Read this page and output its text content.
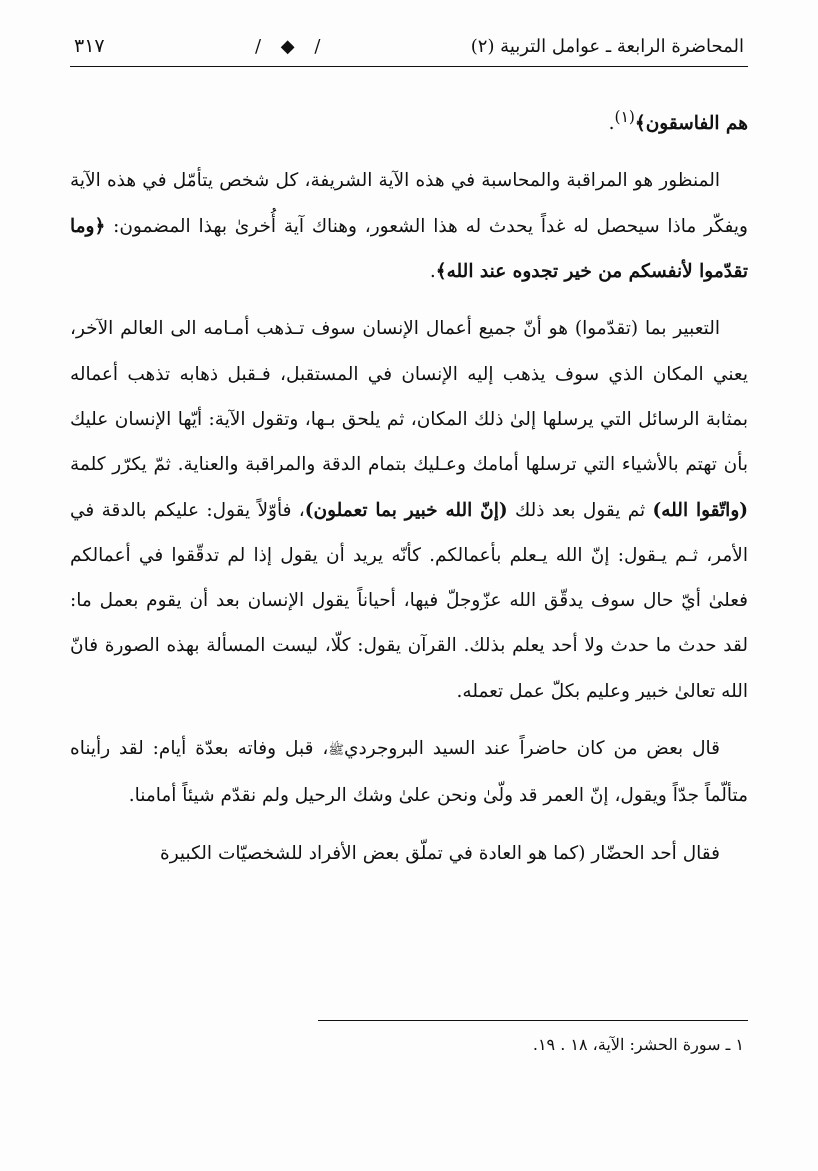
المحاضرة الرابعة ـ عوامل التربية (٢)
/ ◆ /
٣١٧

هم الفاسقون﴾$^{(١)}$.

المنظور هو المراقبة والمحاسبة في هذه الآية الشريفة، كل شخص يتأمّل في هذه الآية ويفكّر ماذا سيحصل له غداً يحدث له هذا الشعور، وهناك آية أُخرىٰ بهذا المضمون: ﴿وما تقدّموا لأنفسكم من خير تجدوه عند الله﴾.

التعبير بما (تقدّموا) هو أنّ جميع أعمال الإنسان سوف تـذهب أمـامه الى العالم الآخر، يعني المكان الذي سوف يذهب إليه الإنسان في المستقبل، فـقبل ذهابه تذهب أعماله بمثابة الرسائل التي يرسلها إلىٰ ذلك المكان، ثم يلحق بـها، وتقول الآية: أيّها الإنسان عليك بأن تهتم بالأشياء التي ترسلها أمامك وعـليك بتمام الدقة والمراقبة والعناية. ثمّ يكرّر كلمة (واتّقوا الله) ثم يقول بعد ذلك (إنّ الله خبير بما تعملون)، فأوّلاً يقول: عليكم بالدقة في الأمر، ثـم يـقول: إنّ الله يـعلم بأعمالكم. كأنّه يريد أن يقول إذا لم تدقّقوا في أعمالكم فعلىٰ أيّ حال سوف يدقّق الله عزّوجلّ فيها، أحياناً يقول الإنسان بعد أن يقوم بعمل ما: لقد حدث ما حدث ولا أحد يعلم بذلك. القرآن يقول: كلّا، ليست المسألة بهذه الصورة فانّ الله تعالىٰ خبير وعليم بكلّ عمل تعمله.

قال بعض من كان حاضراً عند السيد البروجرديﷺ، قبل وفاته بعدّة أيام: لقد رأيناه متألّماً جدّاً ويقول، إنّ العمر قد ولّىٰ ونحن علىٰ وشك الرحيل ولم نقدّم شيئاً أمامنا.

فقال أحد الحضّار (كما هو العادة في تملّق بعض الأفراد للشخصيّات الكبيرة

١ ـ سورة الحشر: الآية، ١٨ . ١٩.
